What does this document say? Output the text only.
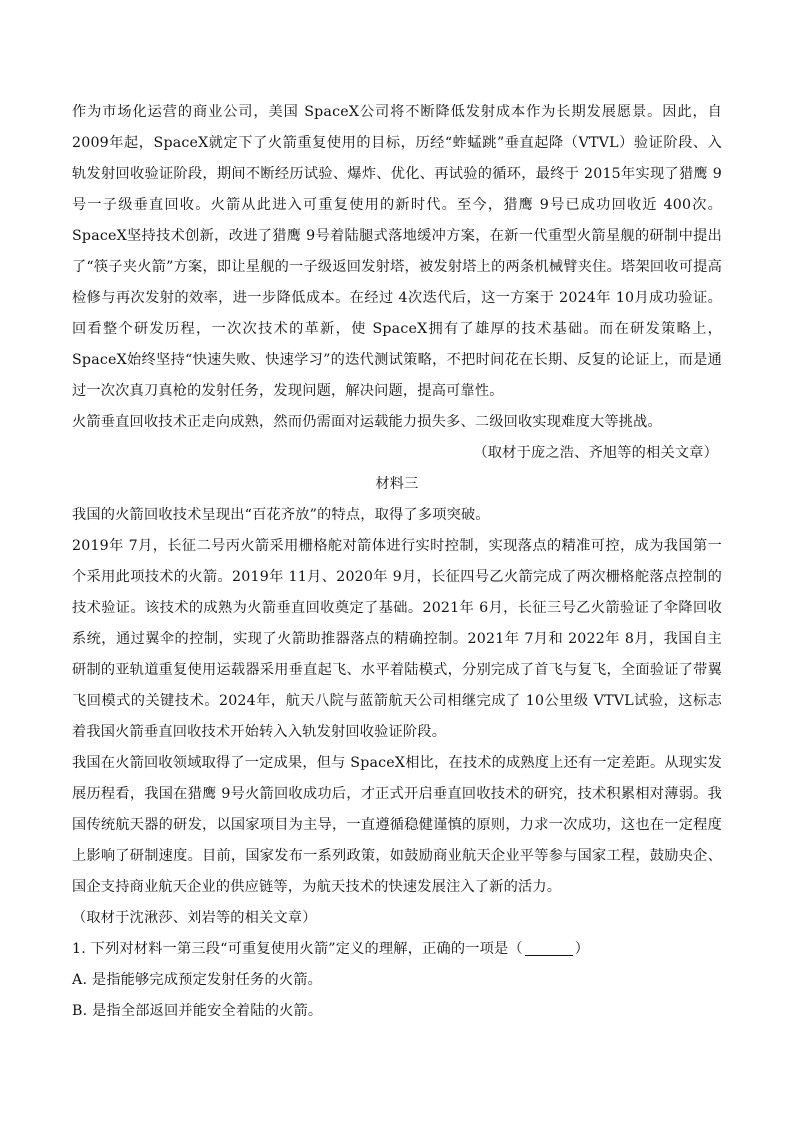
作为市场化运营的商业公司，美国 SpaceX公司将不断降低发射成本作为长期发展愿景。因此，自 2009年起，SpaceX就定下了火箭重复使用的目标，历经“蚱蜢跳”垂直起降（VTVL）验证阶段、入轨发射回收验证阶段，期间不断经历试验、爆炸、优化、再试验的循环，最终于 2015年实现了猎鹰 9号一子级垂直回收。火箭从此进入可重复使用的新时代。至今，猎鹰 9号已成功回收近 400次。SpaceX坚持技术创新，改进了猎鹰 9号着陆腿式落地缓冲方案，在新一代重型火箭星舰的研制中提出了“筷子夹火箭”方案，即让星舰的一子级返回发射塔，被发射塔上的两条机械臂夹住。塔架回收可提高检修与再次发射的效率，进一步降低成本。在经过 4次迭代后，这一方案于 2024年 10月成功验证。回看整个研发历程，一次次技术的革新，使 SpaceX拥有了雄厚的技术基础。而在研发策略上，SpaceX始终坚持“快速失败、快速学习”的迭代测试策略，不把时间花在长期、反复的论证上，而是通过一次次真刀真枪的发射任务，发现问题，解决问题，提高可靠性。

火箭垂直回收技术正走向成熟，然而仍需面对运载能力损失多、二级回收实现难度大等挑战。

（取材于庞之浩、齐旭等的相关文章）

材料三

我国的火箭回收技术呈现出“百花齐放”的特点，取得了多项突破。

2019年 7月，长征二号丙火箭采用栅格舵对箭体进行实时控制，实现落点的精准可控，成为我国第一个采用此项技术的火箭。2019年 11月、2020年 9月，长征四号乙火箭完成了两次栅格舵落点控制的技术验证。该技术的成熟为火箭垂直回收奠定了基础。2021年 6月，长征三号乙火箭验证了伞降回收系统，通过翼伞的控制，实现了火箭助推器落点的精确控制。2021年 7月和 2022年 8月，我国自主研制的亚轨道重复使用运载器采用垂直起飞、水平着陆模式，分别完成了首飞与复飞，全面验证了带翼飞回模式的关键技术。2024年，航天八院与蓝箭航天公司相继完成了 10公里级 VTVL试验，这标志着我国火箭垂直回收技术开始转入入轨发射回收验证阶段。

我国在火箭回收领域取得了一定成果，但与 SpaceX相比，在技术的成熟度上还有一定差距。从现实发展历程看，我国在猎鹰 9号火箭回收成功后，才正式开启垂直回收技术的研究，技术积累相对薄弱。我国传统航天器的研发，以国家项目为主导，一直遵循稳健谨慎的原则，力求一次成功，这也在一定程度上影响了研制速度。目前，国家发布一系列政策，如鼓励商业航天企业平等参与国家工程，鼓励央企、国企支持商业航天企业的供应链等，为航天技术的快速发展注入了新的活力。

（取材于沈湫莎、刘岩等的相关文章）

1. 下列对材料一第三段“可重复使用火箭”定义的理解，正确的一项是（	）

A. 是指能够完成预定发射任务的火箭。

B. 是指全部返回并能安全着陆的火箭。
